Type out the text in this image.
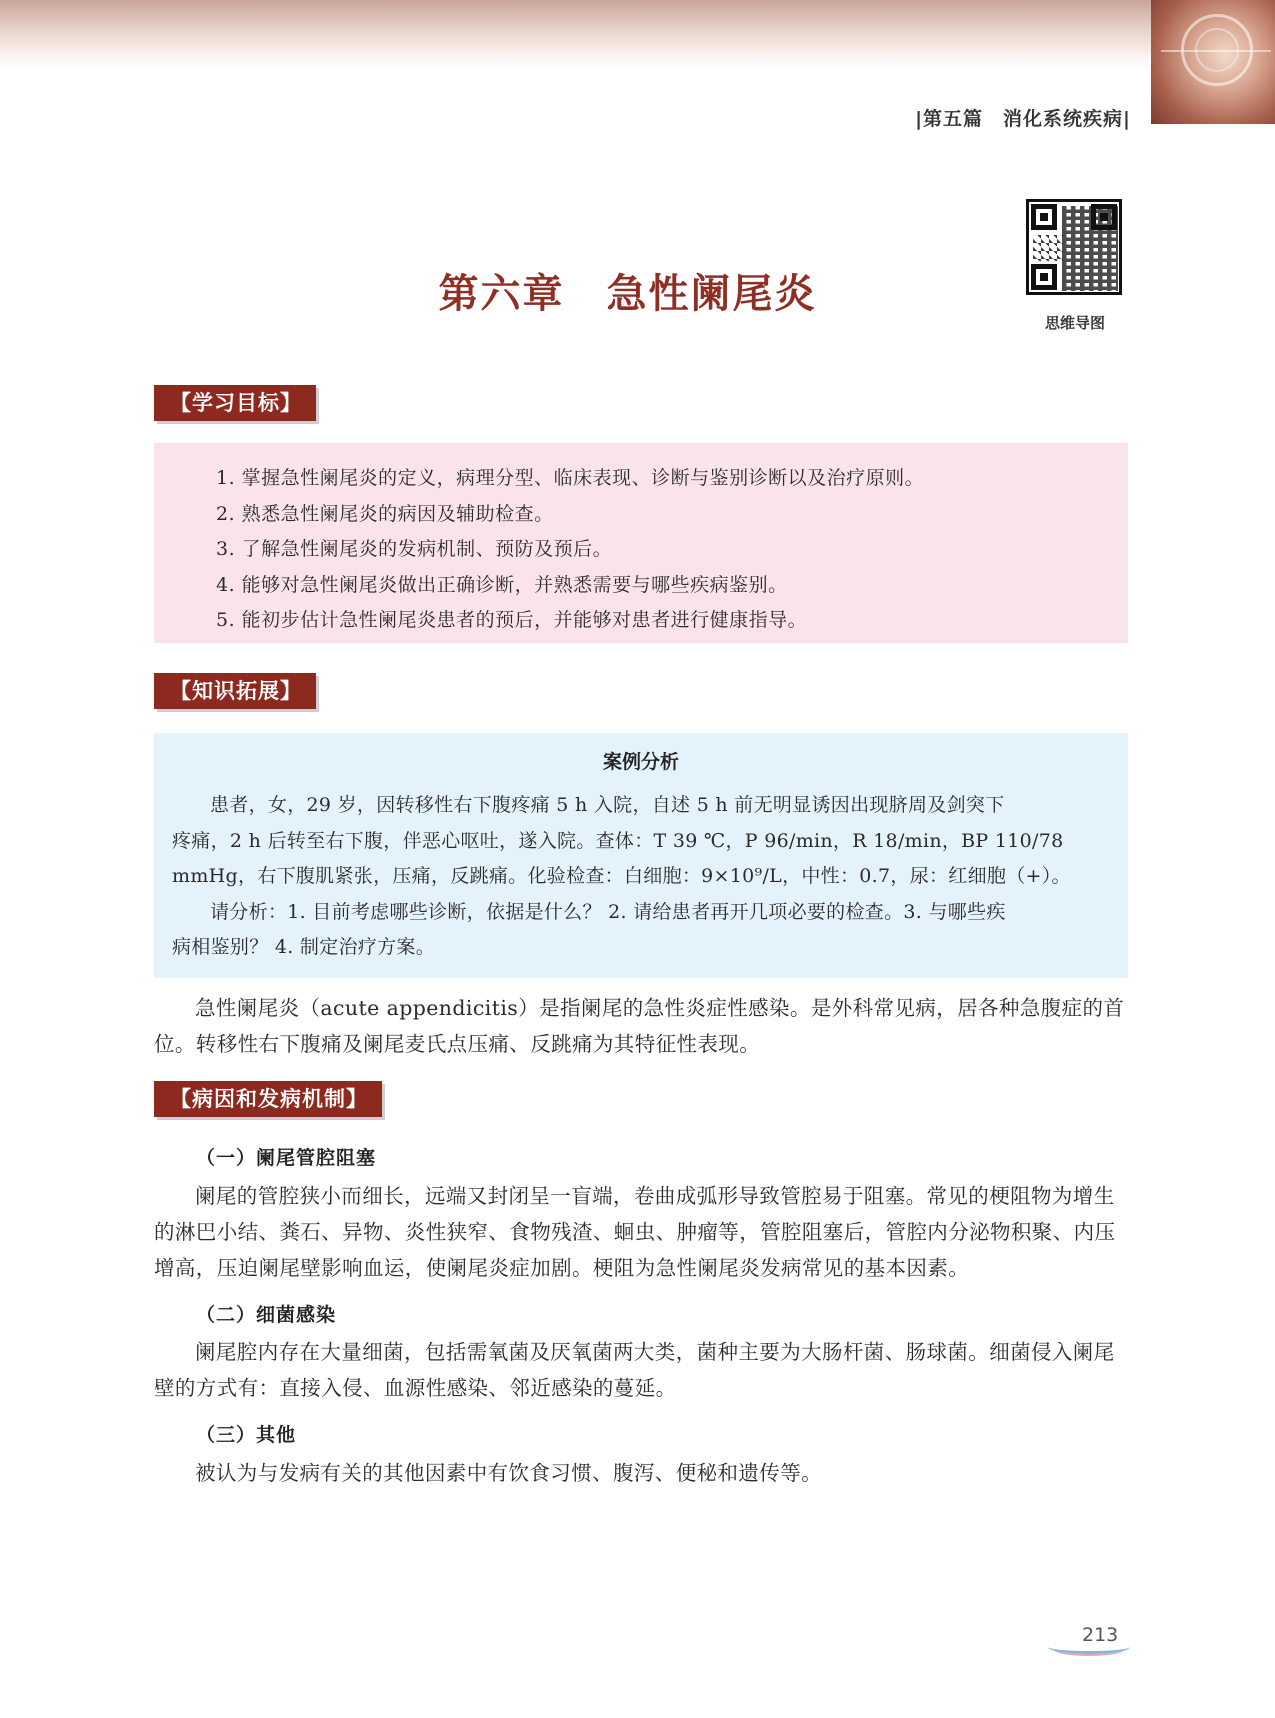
|第五篇　消化系统疾病|
思维导图
第六章　急性阑尾炎
【学习目标】
1. 掌握急性阑尾炎的定义，病理分型、临床表现、诊断与鉴别诊断以及治疗原则。
2. 熟悉急性阑尾炎的病因及辅助检查。
3. 了解急性阑尾炎的发病机制、预防及预后。
4. 能够对急性阑尾炎做出正确诊断，并熟悉需要与哪些疾病鉴别。
5. 能初步估计急性阑尾炎患者的预后，并能够对患者进行健康指导。
【知识拓展】
案例分析

患者，女，29 岁，因转移性右下腹疼痛 5 h 入院，自述 5 h 前无明显诱因出现脐周及剑突下

疼痛，2 h 后转至右下腹，伴恶心呕吐，遂入院。查体：T 39 ℃，P 96/min，R 18/min，BP 110/78

mmHg，右下腹肌紧张，压痛，反跳痛。化验检查：白细胞：9×10⁹/L，中性：0.7，尿：红细胞（+）。

请分析：1. 目前考虑哪些诊断，依据是什么？ 2. 请给患者再开几项必要的检查。3. 与哪些疾

病相鉴别？ 4. 制定治疗方案。

急性阑尾炎（acute appendicitis）是指阑尾的急性炎症性感染。是外科常见病，居各种急腹症的首位。转移性右下腹痛及阑尾麦氏点压痛、反跳痛为其特征性表现。

【病因和发病机制】
（一）阑尾管腔阻塞

阑尾的管腔狭小而细长，远端又封闭呈一盲端，卷曲成弧形导致管腔易于阻塞。常见的梗阻物为增生的淋巴小结、粪石、异物、炎性狭窄、食物残渣、蛔虫、肿瘤等，管腔阻塞后，管腔内分泌物积聚、内压增高，压迫阑尾壁影响血运，使阑尾炎症加剧。梗阻为急性阑尾炎发病常见的基本因素。

（二）细菌感染

阑尾腔内存在大量细菌，包括需氧菌及厌氧菌两大类，菌种主要为大肠杆菌、肠球菌。细菌侵入阑尾壁的方式有：直接入侵、血源性感染、邻近感染的蔓延。

（三）其他

被认为与发病有关的其他因素中有饮食习惯、腹泻、便秘和遗传等。

213
